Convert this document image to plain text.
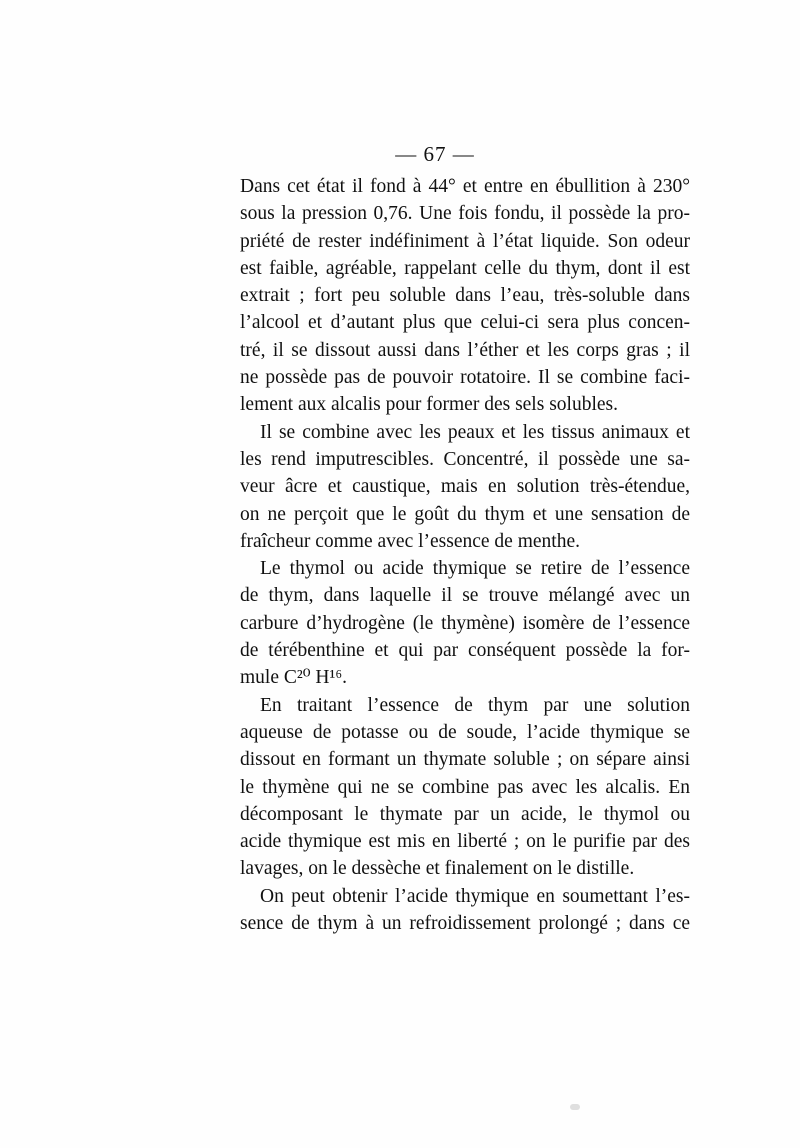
— 67 —
Dans cet état il fond à 44° et entre en ébullition à 230°
sous la pression 0,76. Une fois fondu, il possède la pro-
priété de rester indéfiniment à l’état liquide. Son odeur
est faible, agréable, rappelant celle du thym, dont il est
extrait ; fort peu soluble dans l’eau, très-soluble dans
l’alcool et d’autant plus que celui-ci sera plus concen-
tré, il se dissout aussi dans l’éther et les corps gras ; il
ne possède pas de pouvoir rotatoire. Il se combine faci-
lement aux alcalis pour former des sels solubles.
Il se combine avec les peaux et les tissus animaux et
les rend imputrescibles. Concentré, il possède une sa-
veur âcre et caustique, mais en solution très-étendue,
on ne perçoit que le goût du thym et une sensation de
fraîcheur comme avec l’essence de menthe.
Le thymol ou acide thymique se retire de l’essence
de thym, dans laquelle il se trouve mélangé avec un
carbure d’hydrogène (le thymène) isomère de l’essence
de térébenthine et qui par conséquent possède la for-
mule C²⁰ H¹⁶.
En traitant l’essence de thym par une solution
aqueuse de potasse ou de soude, l’acide thymique se
dissout en formant un thymate soluble ; on sépare ainsi
le thymène qui ne se combine pas avec les alcalis. En
décomposant le thymate par un acide, le thymol ou
acide thymique est mis en liberté ; on le purifie par des
lavages, on le dessèche et finalement on le distille.
On peut obtenir l’acide thymique en soumettant l’es-
sence de thym à un refroidissement prolongé ; dans ce
